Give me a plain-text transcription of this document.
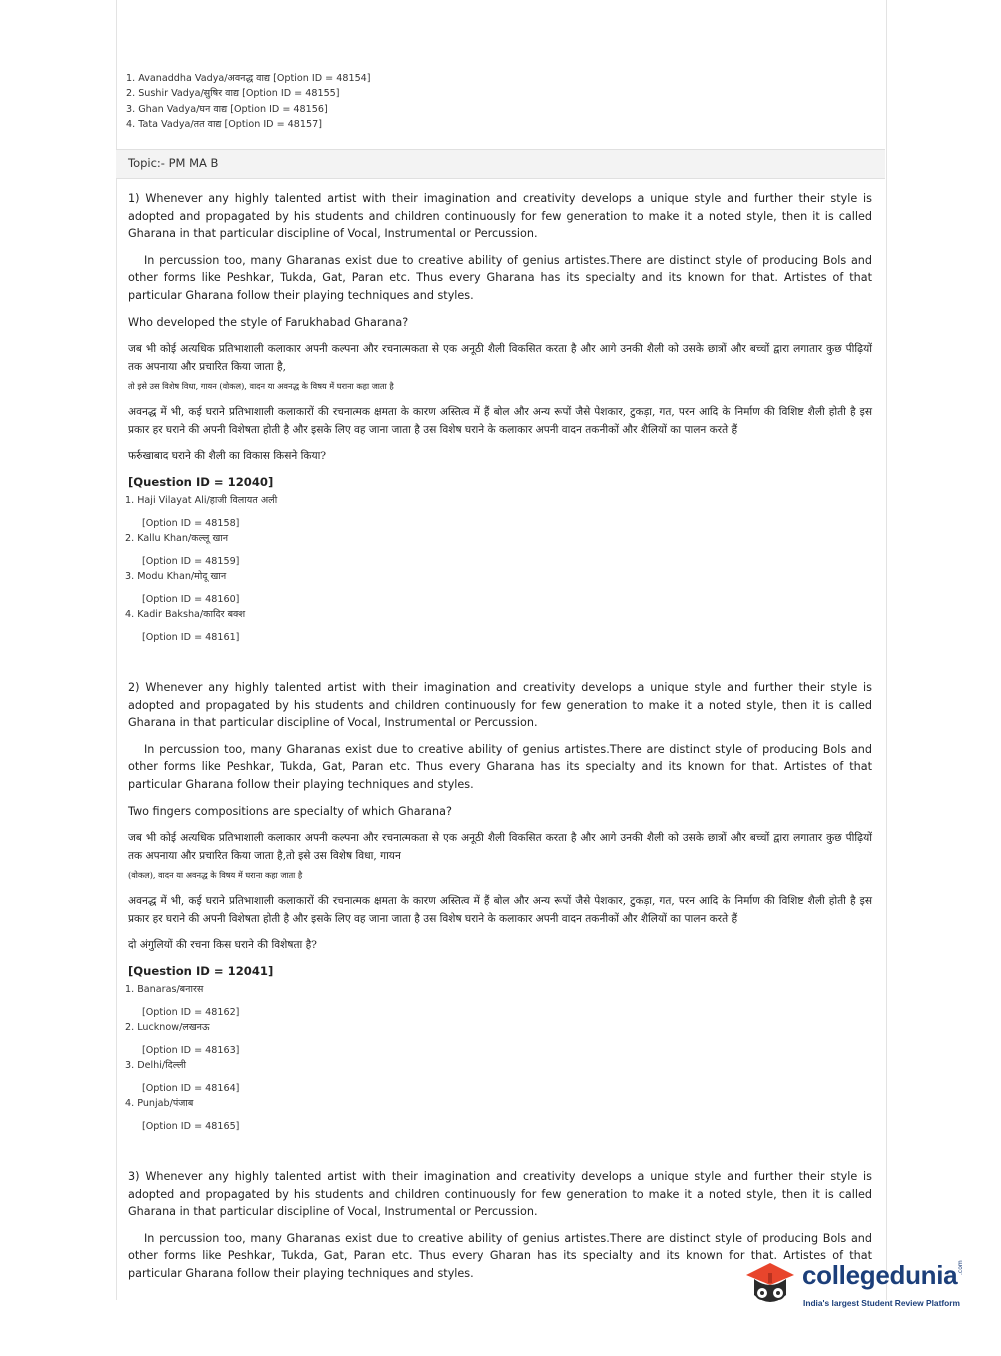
1. Avanaddha Vadya/अवनद्ध वाद्य [Option ID = 48154]
2. Sushir Vadya/सुषिर वाद्य [Option ID = 48155]
3. Ghan Vadya/घन वाद्य [Option ID = 48156]
4. Tata Vadya/तत वाद्य [Option ID = 48157]
Topic:- PM MA B

1) Whenever any highly talented artist with their imagination and creativity develops a unique style and further their style is adopted and propagated by his students and children continuously for few generation to make it a noted style, then it is called Gharana in that particular discipline of Vocal, Instrumental or Percussion.

In percussion too, many Gharanas exist due to creative ability of genius artistes.There are distinct style of producing Bols and other forms like Peshkar, Tukda, Gat, Paran etc. Thus every Gharana has its specialty and its known for that. Artistes of that particular Gharana follow their playing techniques and styles.

Who developed the style of Farukhabad Gharana?

जब भी कोई अत्यधिक प्रतिभाशाली कलाकार अपनी कल्पना और रचनात्मकता से एक अनूठी शैली विकसित करता है और आगे उनकी शैली को उसके छात्रों और बच्चों द्वारा लगातार कुछ पीढ़ियों तक अपनाया और प्रचारित किया जाता है,
तो इसे उस विशेष विधा, गायन (वोकल), वादन या अवनद्ध के विषय में घराना कहा जाता है
अवनद्ध में भी, कई घराने प्रतिभाशाली कलाकारों की रचनात्मक क्षमता के कारण अस्तित्व में हैं बोल और अन्य रूपों जैसे पेशकार, टुकड़ा, गत, परन आदि के निर्माण की विशिष्ट शैली होती है इस प्रकार हर घराने की अपनी विशेषता होती है और इसके लिए वह जाना जाता है उस विशेष घराने के कलाकार अपनी वादन तकनीकों और शैलियों का पालन करते हैं
फर्रुखाबाद घराने की शैली का विकास किसने किया?
[Question ID = 12040]
1. Haji Vilayat Ali/हाजी विलायत अली
[Option ID = 48158]
2. Kallu Khan/कल्लू खान
[Option ID = 48159]
3. Modu Khan/मोदू खान
[Option ID = 48160]
4. Kadir Baksha/कादिर बक्श
[Option ID = 48161]

2) Whenever any highly talented artist with their imagination and creativity develops a unique style and further their style is adopted and propagated by his students and children continuously for few generation to make it a noted style, then it is called Gharana in that particular discipline of Vocal, Instrumental or Percussion.

In percussion too, many Gharanas exist due to creative ability of genius artistes.There are distinct style of producing Bols and other forms like Peshkar, Tukda, Gat, Paran etc. Thus every Gharana has its specialty and its known for that. Artistes of that particular Gharana follow their playing techniques and styles.

Two fingers compositions are specialty of which Gharana?

जब भी कोई अत्यधिक प्रतिभाशाली कलाकार अपनी कल्पना और रचनात्मकता से एक अनूठी शैली विकसित करता है और आगे उनकी शैली को उसके छात्रों और बच्चों द्वारा लगातार कुछ पीढ़ियों तक अपनाया और प्रचारित किया जाता है,तो इसे उस विशेष विधा, गायन
(वोकल), वादन या अवनद्ध के विषय में घराना कहा जाता है
अवनद्ध में भी, कई घराने प्रतिभाशाली कलाकारों की रचनात्मक क्षमता के कारण अस्तित्व में हैं बोल और अन्य रूपों जैसे पेशकार, टुकड़ा, गत, परन आदि के निर्माण की विशिष्ट शैली होती है इस प्रकार हर घराने की अपनी विशेषता होती है और इसके लिए वह जाना जाता है उस विशेष घराने के कलाकार अपनी वादन तकनीकों और शैलियों का पालन करते हैं
दो अंगुलियों की रचना किस घराने की विशेषता है?
[Question ID = 12041]
1. Banaras/बनारस
[Option ID = 48162]
2. Lucknow/लखनऊ
[Option ID = 48163]
3. Delhi/दिल्ली
[Option ID = 48164]
4. Punjab/पंजाब
[Option ID = 48165]

3) Whenever any highly talented artist with their imagination and creativity develops a unique style and further their style is adopted and propagated by his students and children continuously for few generation to make it a noted style, then it is called Gharana in that particular discipline of Vocal, Instrumental or Percussion.

In percussion too, many Gharanas exist due to creative ability of genius artistes.There are distinct style of producing Bols and other forms like Peshkar, Tukda, Gat, Paran etc. Thus every Gharan has its specialty and its known for that. Artistes of that particular Gharana follow their playing techniques and styles.	collegedunia .com
India's largest Student Review Platform
